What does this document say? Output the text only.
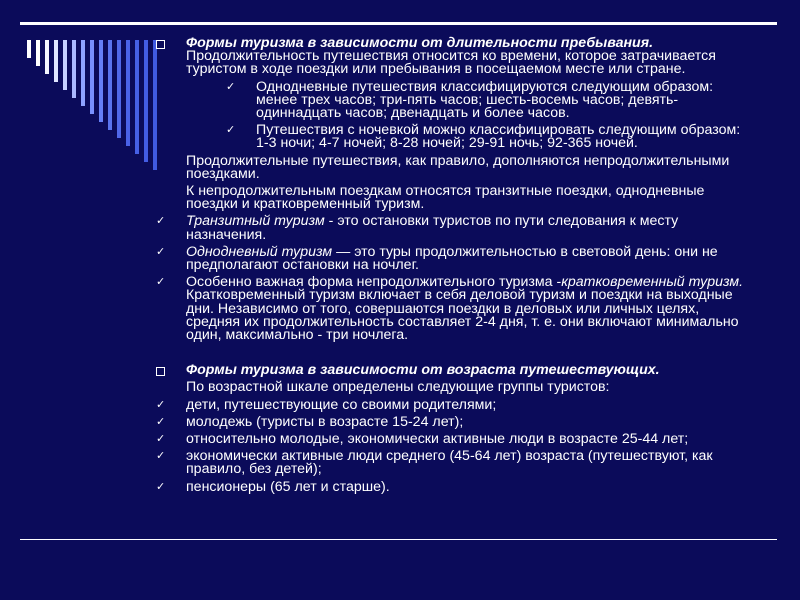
Формы туризма в зависимости от длительности пребывания. Продолжительность путешествия относится ко времени, которое затрачивается туристом в ходе поездки или пребывания в посещаемом месте или стране.
✓	Однодневные путешествия классифицируются следующим образом: менее трех часов; три-пять часов; шесть-восемь часов; девять-одиннадцать часов; двенадцать и более часов.
✓	Путешествия с ночевкой можно классифицировать следующим образом: 1-3 ночи; 4-7 ночей; 8-28 ночей; 29-91 ночь; 92-365 ночей.
Продолжительные путешествия, как правило, дополняются непродолжительными поездками.
К непродолжительным поездкам относятся транзитные поездки, однодневные поездки и кратковременный туризм.
✓	Транзитный туризм - это остановки туристов по пути следования к месту назначения.
✓	Однодневный туризм — это туры продолжительностью в световой день: они не предполагают остановки на ночлег.
✓	Особенно важная форма непродолжительного туризма -кратковременный туризм. Кратковременный туризм включает в себя деловой туризм и поездки на выходные дни. Независимо от того, совершаются поездки в деловых или личных целях, средняя их продолжительность составляет 2-4 дня, т. е. они включают минимально один, максимально - три ночлега.
Формы туризма в зависимости от возраста путешествующих.
По возрастной шкале определены следующие группы туристов:
✓	дети, путешествующие со своими родителями;
✓	молодежь (туристы в возрасте 15-24 лет);
✓	относительно молодые, экономически активные люди в возрасте 25-44 лет;
✓	экономически активные люди среднего (45-64 лет) возраста (путешествуют, как правило, без детей);
✓	пенсионеры (65 лет и старше).
